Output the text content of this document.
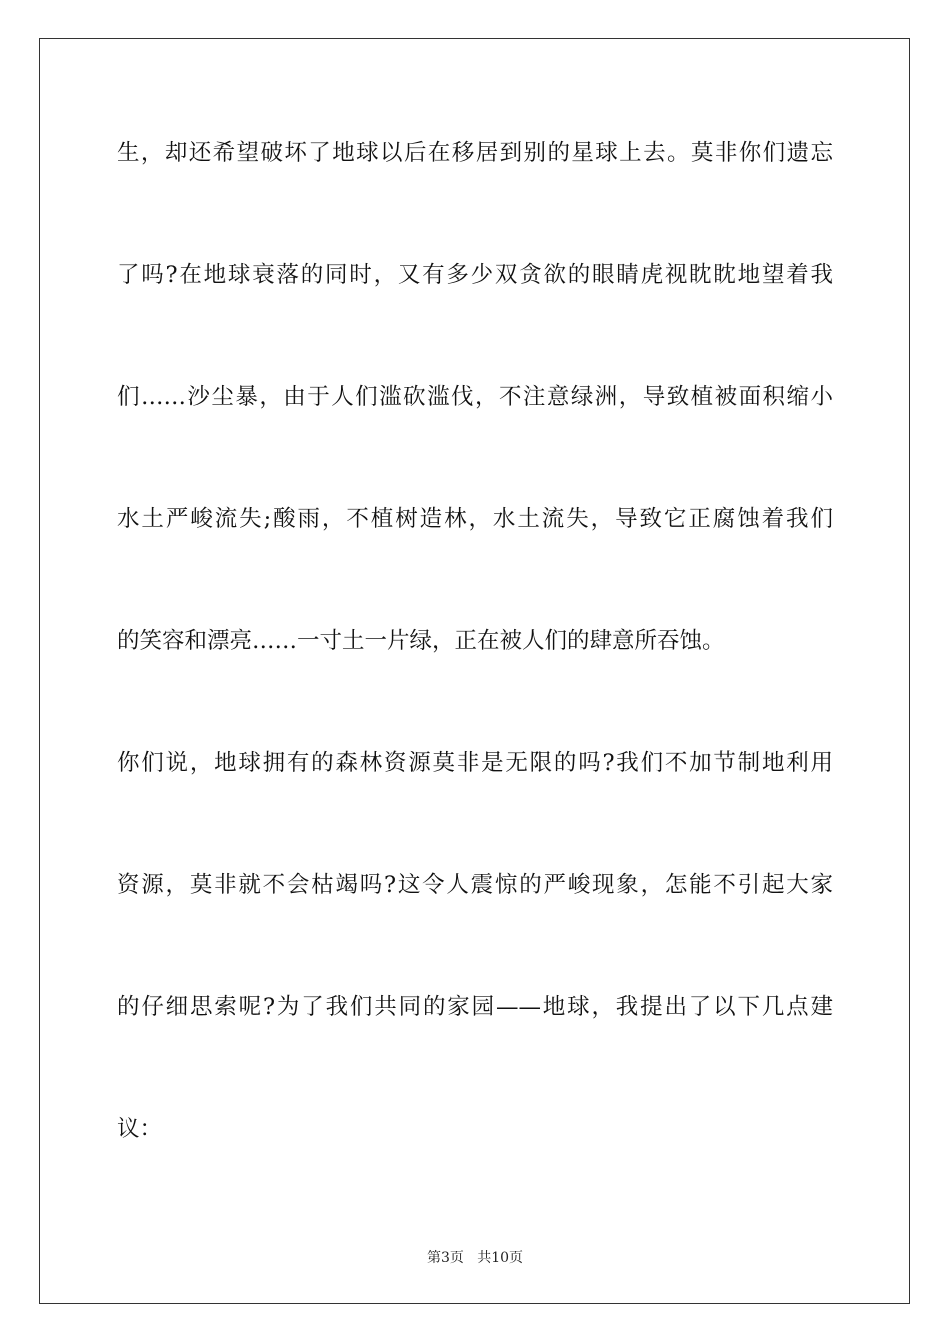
生，却还希望破坏了地球以后在移居到别的星球上去。莫非你们遗忘
了吗?在地球衰落的同时，又有多少双贪欲的眼睛虎视眈眈地望着我
们……沙尘暴，由于人们滥砍滥伐，不注意绿洲，导致植被面积缩小
水土严峻流失;酸雨，不植树造林，水土流失，导致它正腐蚀着我们
的笑容和漂亮……一寸土一片绿，正在被人们的肆意所吞蚀。
你们说，地球拥有的森林资源莫非是无限的吗?我们不加节制地利用
资源，莫非就不会枯竭吗?这令人震惊的严峻现象，怎能不引起大家
的仔细思索呢?为了我们共同的家园——地球，我提出了以下几点建
议：
第3页   共10页
